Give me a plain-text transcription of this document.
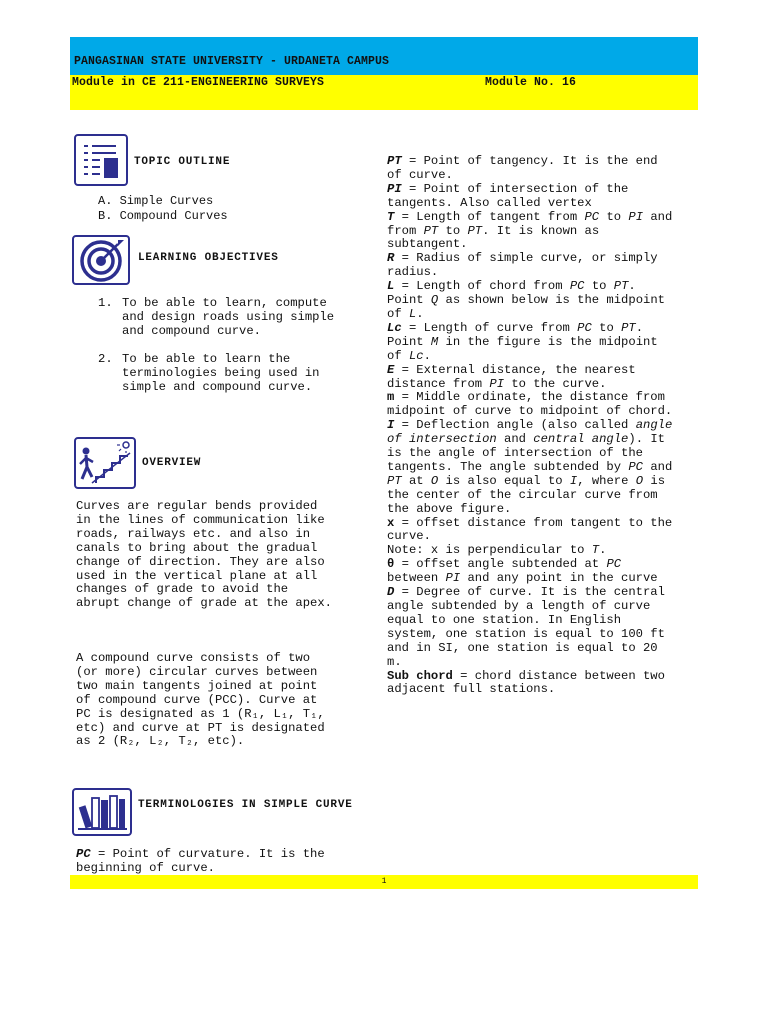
PANGASINAN STATE UNIVERSITY - URDANETA CAMPUS
Module in CE 211-ENGINEERING SURVEYS	Module No. 16
TOPIC OUTLINE
A. Simple Curves
B. Compound Curves
LEARNING OBJECTIVES
1. To be able to learn, compute and design roads using simple and compound curve.
2. To be able to learn the terminologies being used in simple and compound curve.
OVERVIEW

Curves are regular bends provided in the lines of communication like roads, railways etc. and also in canals to bring about the gradual change of direction. They are also used in the vertical plane at all changes of grade to avoid the abrupt change of grade at the apex.

A compound curve consists of two (or more) circular curves between two main tangents joined at point of compound curve (PCC). Curve at PC is designated as 1 (R₁, L₁, T₁, etc) and curve at PT is designated as 2 (R₂, L₂, T₂, etc).

TERMINOLOGIES IN SIMPLE CURVE

PC = Point of curvature. It is the beginning of curve.

PT = Point of tangency. It is the end of curve.

PI = Point of intersection of the tangents. Also called vertex

T = Length of tangent from PC to PI and from PT to PT. It is known as subtangent.

R = Radius of simple curve, or simply radius.

L = Length of chord from PC to PT. Point Q as shown below is the midpoint of L.

Lc = Length of curve from PC to PT. Point M in the figure is the midpoint of Lc.

E = External distance, the nearest distance from PI to the curve.

m = Middle ordinate, the distance from midpoint of curve to midpoint of chord.

I = Deflection angle (also called angle of intersection and central angle). It is the angle of intersection of the tangents. The angle subtended by PC and PT at O is also equal to I, where O is the center of the circular curve from the above figure.

x = offset distance from tangent to the curve.
Note: x is perpendicular to T.

θ = offset angle subtended at PC between PI and any point in the curve

D = Degree of curve. It is the central angle subtended by a length of curve equal to one station. In English system, one station is equal to 100 ft and in SI, one station is equal to 20 m.

Sub chord = chord distance between two adjacent full stations.

1
